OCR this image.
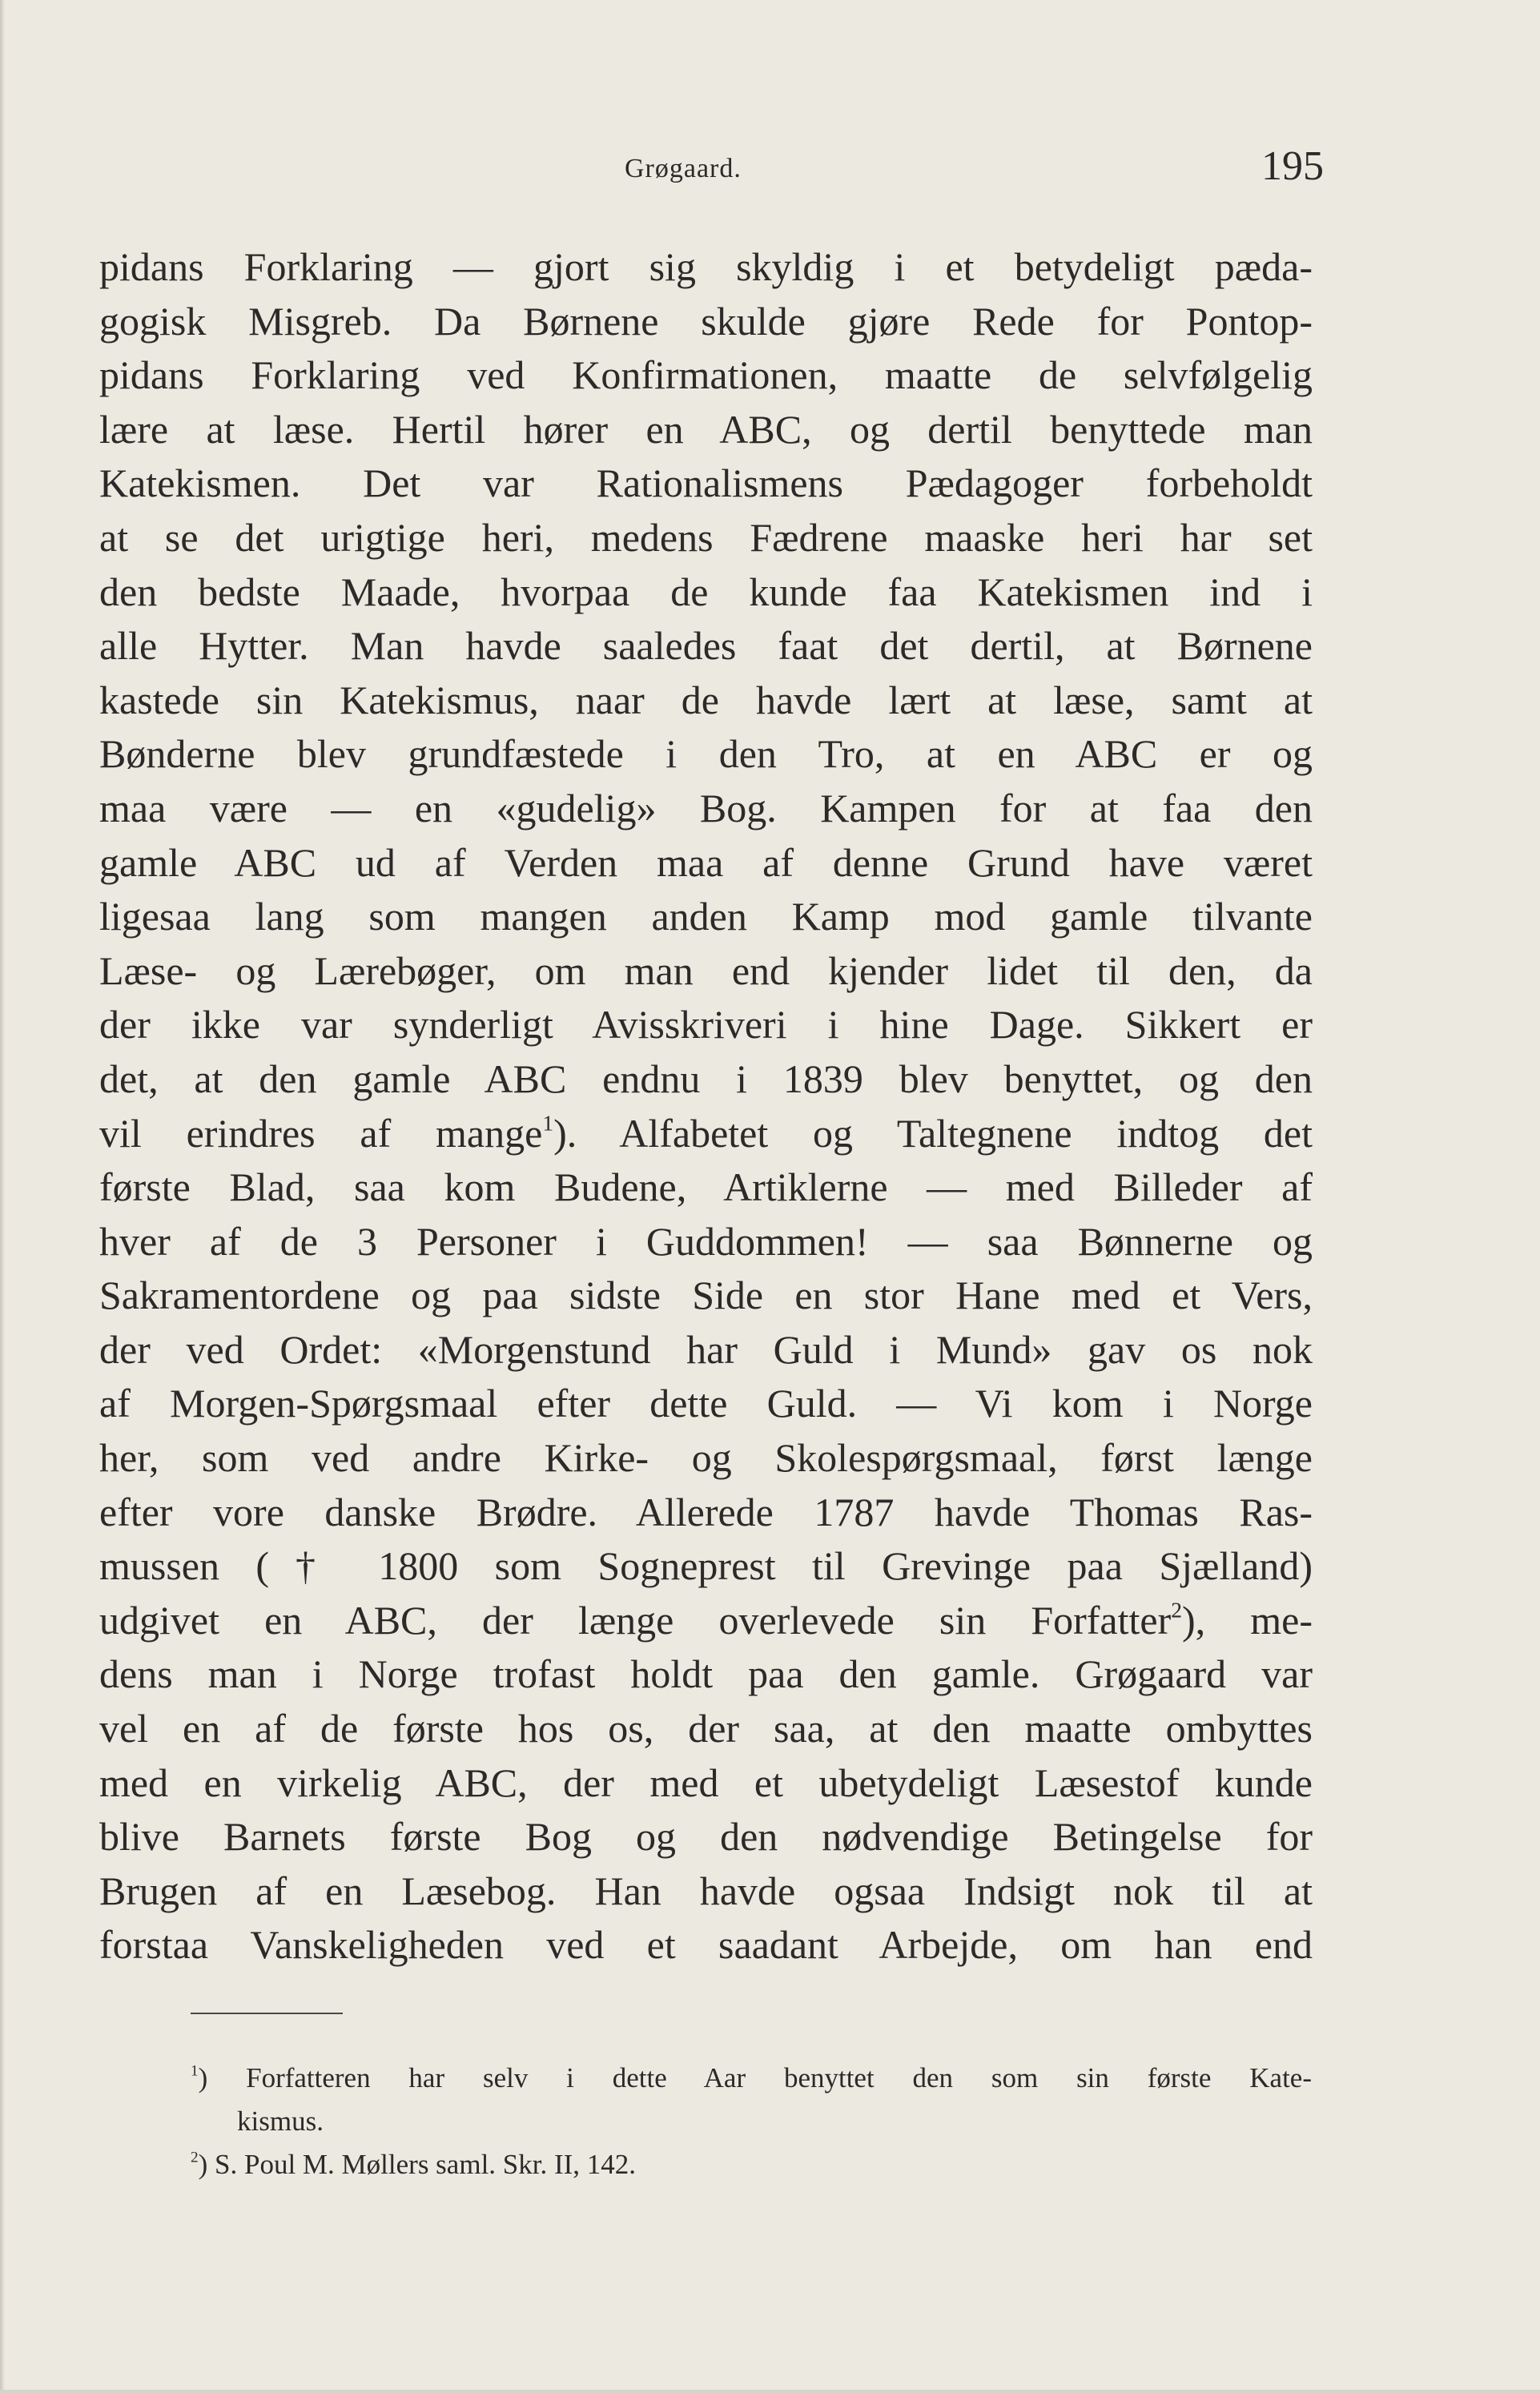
Grøgaard.	195
pidans Forklaring — gjort sig skyldig i et betydeligt pæda-
gogisk Misgreb. Da Børnene skulde gjøre Rede for Pontop-
pidans Forklaring ved Konfirmationen, maatte de selvfølgelig
lære at læse. Hertil hører en ABC, og dertil benyttede man
Katekismen. Det var Rationalismens Pædagoger forbeholdt
at se det urigtige heri, medens Fædrene maaske heri har set
den bedste Maade, hvorpaa de kunde faa Katekismen ind i
alle Hytter. Man havde saaledes faat det dertil, at Børnene
kastede sin Katekismus, naar de havde lært at læse, samt at
Bønderne blev grundfæstede i den Tro, at en ABC er og
maa være — en «gudelig» Bog. Kampen for at faa den
gamle ABC ud af Verden maa af denne Grund have været
ligesaa lang som mangen anden Kamp mod gamle tilvante
Læse- og Lærebøger, om man end kjender lidet til den, da
der ikke var synderligt Avisskriveri i hine Dage. Sikkert er
det, at den gamle ABC endnu i 1839 blev benyttet, og den
vil erindres af mange$^1$). Alfabetet og Taltegnene indtog det
første Blad, saa kom Budene, Artiklerne — med Billeder af
hver af de 3 Personer i Guddommen! — saa Bønnerne og
Sakramentordene og paa sidste Side en stor Hane med et Vers,
der ved Ordet: «Morgenstund har Guld i Mund» gav os nok
af Morgen-Spørgsmaal efter dette Guld. — Vi kom i Norge
her, som ved andre Kirke- og Skolespørgsmaal, først længe
efter vore danske Brødre. Allerede 1787 havde Thomas Ras-
mussen († 1800 som Sogneprest til Grevinge paa Sjælland)
udgivet en ABC, der længe overlevede sin Forfatter$^2$), me-
dens man i Norge trofast holdt paa den gamle. Grøgaard var
vel en af de første hos os, der saa, at den maatte ombyttes
med en virkelig ABC, der med et ubetydeligt Læsestof kunde
blive Barnets første Bog og den nødvendige Betingelse for
Brugen af en Læsebog. Han havde ogsaa Indsigt nok til at
forstaa Vanskeligheden ved et saadant Arbejde, om han end
$^1$) Forfatteren har selv i dette Aar benyttet den som sin første Kate-
kismus.
$^2$) S. Poul M. Møllers saml. Skr. II, 142.
